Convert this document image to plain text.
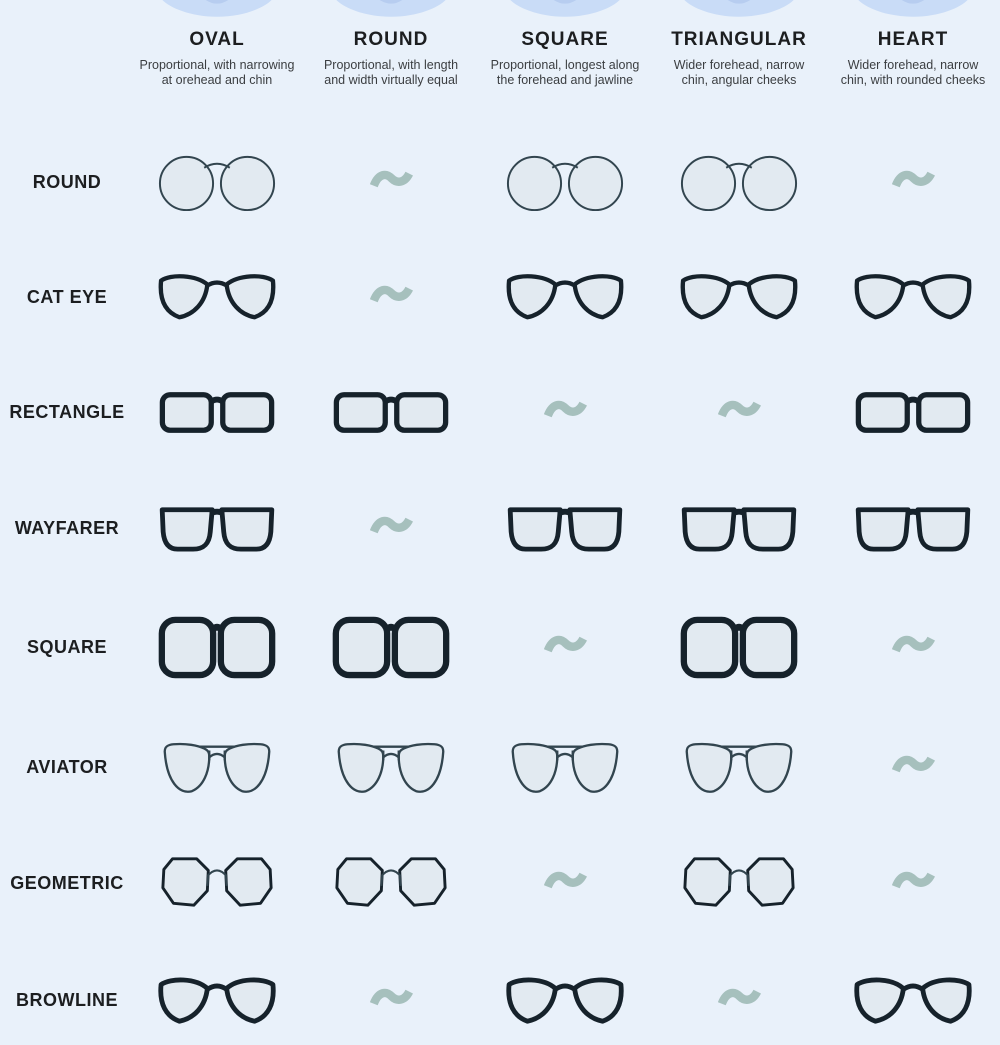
OVAL
Proportional, with narrowing at orehead and chin
ROUND
Proportional, with length and width virtually equal
SQUARE
Proportional, longest along the forehead and jawline
TRIANGULAR
Wider forehead, narrow chin, angular cheeks
HEART
Wider forehead, narrow chin, with rounded cheeks
ROUND
CAT EYE
RECTANGLE
WAYFARER
SQUARE
AVIATOR
GEOMETRIC
BROWLINE
